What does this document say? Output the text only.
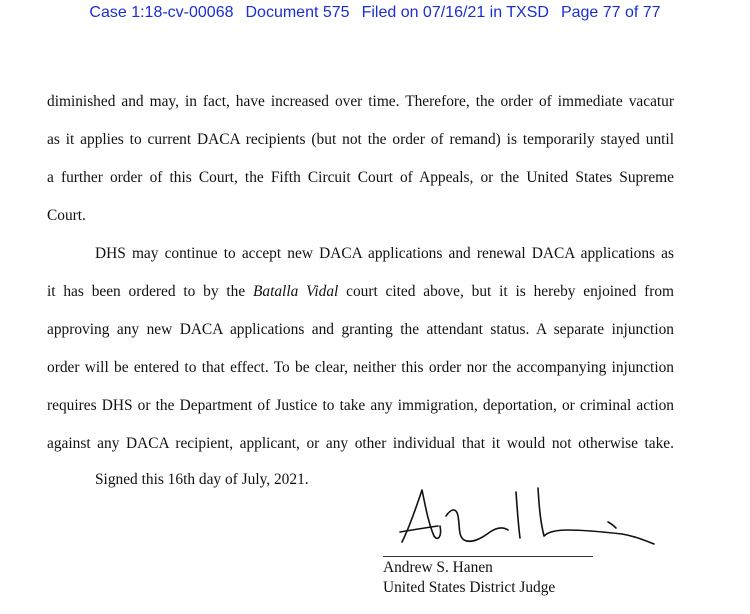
Case 1:18-cv-00068 Document 575 Filed on 07/16/21 in TXSD Page 77 of 77
diminished and may, in fact, have increased over time. Therefore, the order of immediate vacatur
as it applies to current DACA recipients (but not the order of remand) is temporarily stayed until
a further order of this Court, the Fifth Circuit Court of Appeals, or the United States Supreme
Court.
DHS may continue to accept new DACA applications and renewal DACA applications as
it has been ordered to by the Batalla Vidal court cited above, but it is hereby enjoined from
approving any new DACA applications and granting the attendant status. A separate injunction
order will be entered to that effect. To be clear, neither this order nor the accompanying injunction
requires DHS or the Department of Justice to take any immigration, deportation, or criminal action
against any DACA recipient, applicant, or any other individual that it would not otherwise take.
Signed this 16th day of July, 2021.
Andrew S. Hanen
United States District Judge
